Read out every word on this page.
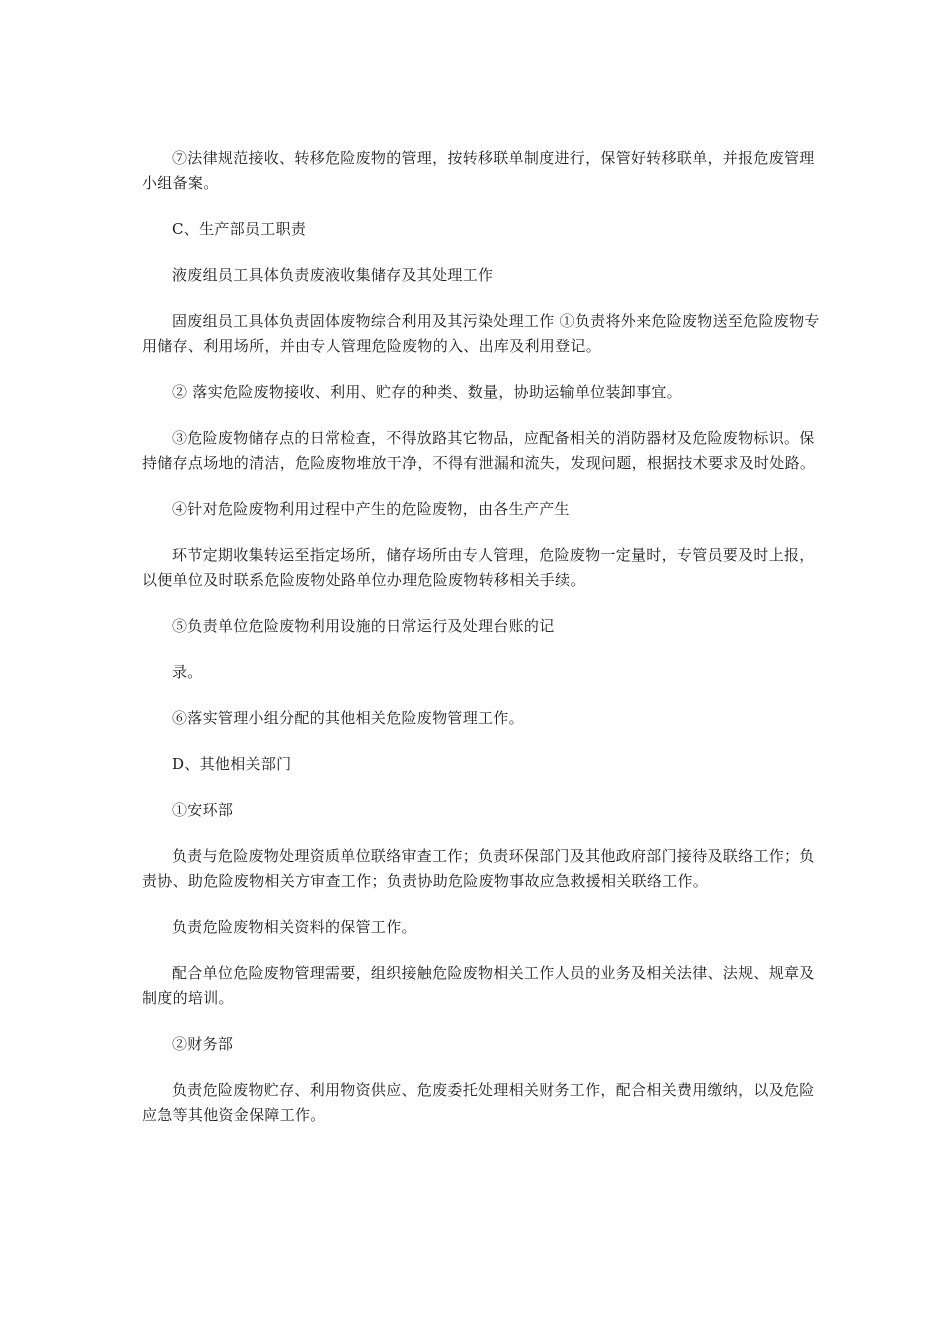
⑦法律规范接收、转移危险废物的管理，按转移联单制度进行，保管好转移联单，并报危废管理小组备案。

C、生产部员工职责

液废组员工具体负责废液收集储存及其处理工作

固废组员工具体负责固体废物综合利用及其污染处理工作 ①负责将外来危险废物送至危险废物专用储存、利用场所，并由专人管理危险废物的入、出库及利用登记。

② 落实危险废物接收、利用、贮存的种类、数量，协助运输单位装卸事宜。

③危险废物储存点的日常检查，不得放路其它物品，应配备相关的消防器材及危险废物标识。保持储存点场地的清洁，危险废物堆放干净，不得有泄漏和流失，发现问题，根据技术要求及时处路。

④针对危险废物利用过程中产生的危险废物，由各生产产生

环节定期收集转运至指定场所，储存场所由专人管理，危险废物一定量时，专管员要及时上报，以便单位及时联系危险废物处路单位办理危险废物转移相关手续。

⑤负责单位危险废物利用设施的日常运行及处理台账的记

录。

⑥落实管理小组分配的其他相关危险废物管理工作。

D、其他相关部门

①安环部

负责与危险废物处理资质单位联络审查工作；负责环保部门及其他政府部门接待及联络工作；负责协、助危险废物相关方审查工作；负责协助危险废物事故应急救援相关联络工作。

负责危险废物相关资料的保管工作。

配合单位危险废物管理需要，组织接触危险废物相关工作人员的业务及相关法律、法规、规章及制度的培训。

②财务部

负责危险废物贮存、利用物资供应、危废委托处理相关财务工作，配合相关费用缴纳，以及危险应急等其他资金保障工作。
